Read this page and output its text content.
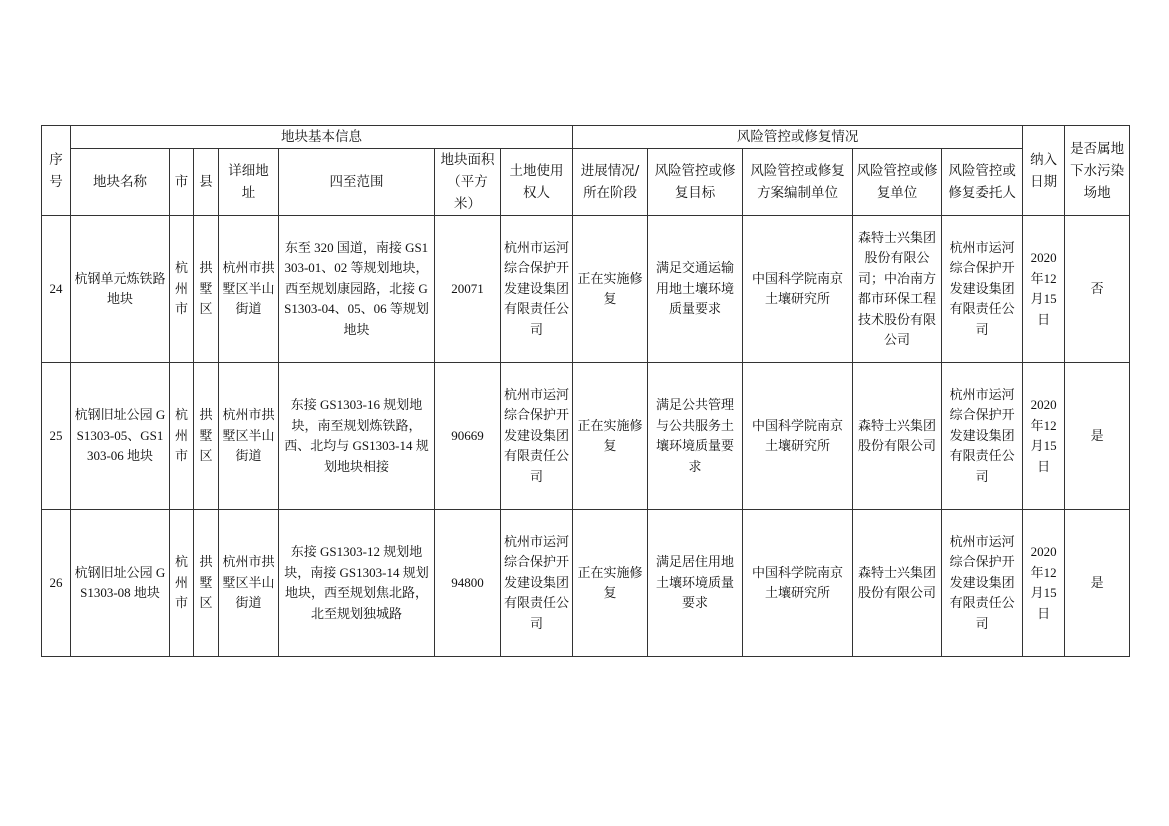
序号	地块基本信息							风险管控或修复情况					纳入日期	是否属地下水污染场地
	地块名称	市	县	详细地址	四至范围	地块面积（平方米）	土地使用权人	进展情况/所在阶段	风险管控或修复目标	风险管控或修复方案编制单位	风险管控或修复单位	风险管控或修复委托人		
24	杭钢单元炼铁路地块	杭州市	拱墅区	杭州市拱墅区半山街道	东至 320 国道，南接 GS1303-01、02 等规划地块，西至规划康园路，北接 GS1303-04、05、06 等规划地块	20071	杭州市运河综合保护开发建设集团有限责任公司	正在实施修复	满足交通运输用地土壤环境质量要求	中国科学院南京土壤研究所	森特士兴集团股份有限公司；中冶南方都市环保工程技术股份有限公司	杭州市运河综合保护开发建设集团有限责任公司	2020年12月15日	否
25	杭钢旧址公园 GS1303-05、GS1303-06 地块	杭州市	拱墅区	杭州市拱墅区半山街道	东接 GS1303-16 规划地块，南至规划炼铁路，西、北均与 GS1303-14 规划地块相接	90669	杭州市运河综合保护开发建设集团有限责任公司	正在实施修复	满足公共管理与公共服务土壤环境质量要求	中国科学院南京土壤研究所	森特士兴集团股份有限公司	杭州市运河综合保护开发建设集团有限责任公司	2020年12月15日	是
26	杭钢旧址公园 GS1303-08 地块	杭州市	拱墅区	杭州市拱墅区半山街道	东接 GS1303-12 规划地块，南接 GS1303-14 规划地块，西至规划焦北路，北至规划独城路	94800	杭州市运河综合保护开发建设集团有限责任公司	正在实施修复	满足居住用地土壤环境质量要求	中国科学院南京土壤研究所	森特士兴集团股份有限公司	杭州市运河综合保护开发建设集团有限责任公司	2020年12月15日	是
